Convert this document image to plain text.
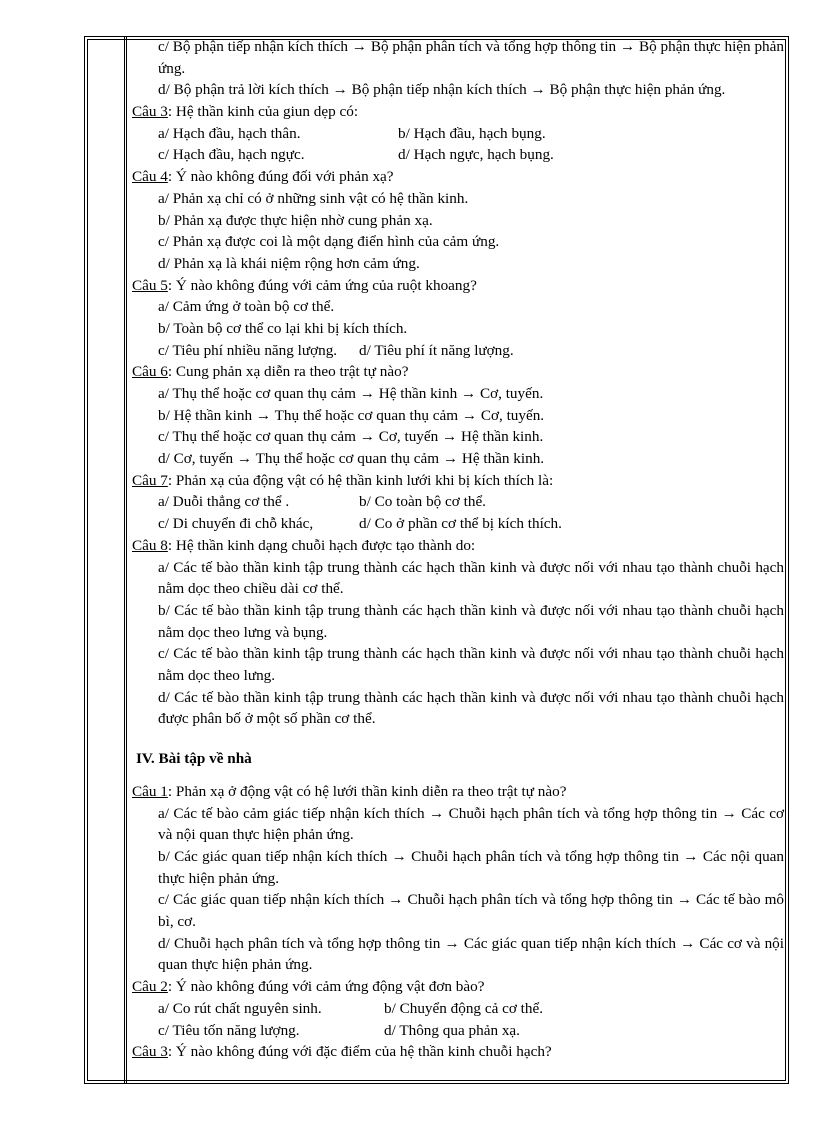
c/ Bộ phận tiếp nhận kích thích → Bộ phận phân tích và tổng hợp thông tin → Bộ phận thực hiện phản ứng.
d/ Bộ phận trả lời kích thích → Bộ phận tiếp nhận kích thích → Bộ phận thực hiện phản ứng.
Câu 3: Hệ thần kinh của giun dẹp có:
a/ Hạch đầu, hạch thân.	b/ Hạch đầu, hạch bụng.
c/ Hạch đầu, hạch ngực.	d/ Hạch ngực, hạch bụng.
Câu 4: Ý nào không đúng đối với phản xạ?
a/ Phản xạ chỉ có ở những sinh vật có hệ thần kinh.
b/ Phản xạ được thực hiện nhờ cung phản xạ.
c/ Phản xạ được coi là một dạng điển hình của cảm ứng.
d/ Phản xạ là khái niệm rộng hơn cảm ứng.
Câu 5: Ý nào không đúng với cảm ứng của ruột khoang?
a/ Cảm ứng ở toàn bộ cơ thể.
b/ Toàn bộ cơ thể co lại khi bị kích thích.
c/ Tiêu phí nhiều năng lượng.	d/ Tiêu phí ít năng lượng.
Câu 6: Cung phản xạ diễn ra theo trật tự nào?
a/ Thụ thể hoặc cơ quan thụ cảm → Hệ thần kinh → Cơ, tuyến.
b/ Hệ thần kinh → Thụ thể hoặc cơ quan thụ cảm → Cơ, tuyến.
c/ Thụ thể hoặc cơ quan thụ cảm → Cơ, tuyến → Hệ thần kinh.
d/ Cơ, tuyến → Thụ thể hoặc cơ quan thụ cảm → Hệ thần kinh.
Câu 7: Phản xạ của động vật có hệ thần kinh lưới khi bị kích thích là:
a/ Duỗi thẳng cơ thể .	b/ Co toàn bộ cơ thể.
c/ Di chuyển đi chỗ khác,	d/ Co ở phần cơ thể bị kích thích.
Câu 8: Hệ thần kinh dạng chuỗi hạch được tạo thành do:
a/ Các tế bào thần kinh tập trung thành các hạch thần kinh và được nối với nhau tạo thành chuỗi hạch nằm dọc theo chiều dài cơ thể.
b/ Các tế bào thần kinh tập trung thành các hạch thần kinh và được nối với nhau tạo thành chuỗi hạch nằm dọc theo lưng và bụng.
c/ Các tế bào thần kinh tập trung thành các hạch thần kinh và được nối với nhau tạo thành chuỗi hạch nằm dọc theo lưng.
d/ Các tế bào thần kinh tập trung thành các hạch thần kinh và được nối với nhau tạo thành chuỗi hạch được phân bố ở một số phần cơ thể.
IV. Bài tập về nhà
Câu 1: Phản xạ ở động vật có hệ lưới thần kinh diễn ra theo trật tự nào?
a/ Các tế bào cảm giác tiếp nhận kích thích → Chuỗi hạch phân tích và tổng hợp thông tin → Các cơ và nội quan thực hiện phản ứng.
b/ Các giác quan tiếp nhận kích thích → Chuỗi hạch phân tích và tổng hợp thông tin → Các nội quan thực hiện phản ứng.
c/ Các giác quan tiếp nhận kích thích → Chuỗi hạch phân tích và tổng hợp thông tin → Các tế bào mô bì, cơ.
d/ Chuỗi hạch phân tích và tổng hợp thông tin → Các giác quan tiếp nhận kích thích → Các cơ và nội quan thực hiện phản ứng.
Câu 2: Ý nào không đúng với cảm ứng động vật đơn bào?
a/ Co rút chất nguyên sinh.	b/ Chuyển động cả cơ thể.
c/ Tiêu tốn năng lượng.	d/ Thông qua phản xạ.
Câu 3: Ý nào không đúng với đặc điểm của hệ thần kinh chuỗi hạch?
